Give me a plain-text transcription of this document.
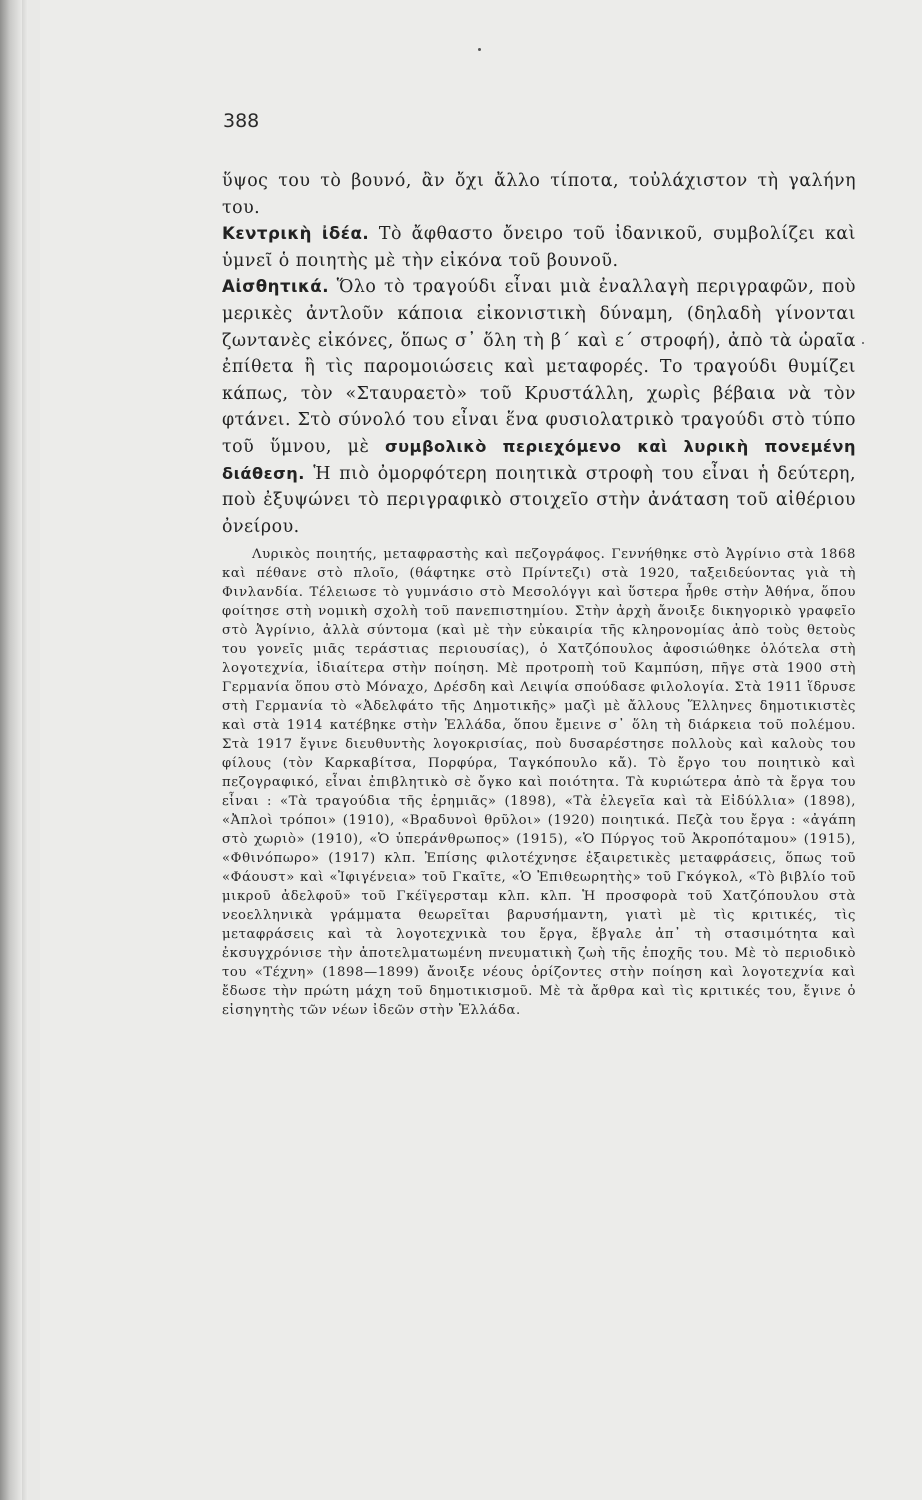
388

ὕψος του τὸ βουνό, ἂν ὄχι ἄλλο τίποτα, τοὐλάχιστον τὴ γαλήνη του.

Κεντρικὴ ἰδέα. Τὸ ἄφθαστο ὄνειρο τοῦ ἰδανικοῦ, συμβολίζει καὶ ὑμνεῖ ὁ ποιητὴς μὲ τὴν εἰκόνα τοῦ βουνοῦ.

Αἰσθητικά. Ὅλο τὸ τραγούδι εἶναι μιὰ ἐναλλαγὴ περιγραφῶν, ποὺ μερικὲς ἀντλοῦν κάποια εἰκονιστικὴ δύναμη, (δηλαδὴ γίνονται ζωντανὲς εἰκόνες, ὅπως σ᾽ ὅλη τὴ β´ καὶ ε´ στροφή), ἀπὸ τὰ ὡραῖα ἐπίθετα ἢ τὶς παρομοιώσεις καὶ μεταφορές. Το τραγούδι θυμίζει κάπως, τὸν «Σταυραετὸ» τοῦ Κρυστάλλη, χωρὶς βέβαια νὰ τὸν φτάνει. Στὸ σύνολό του εἶναι ἕνα φυσιολατρικὸ τραγούδι στὸ τύπο τοῦ ὕμνου, μὲ συμβολικὸ περιεχόμενο καὶ λυρικὴ πονεμένη διάθεση. Ἡ πιὸ ὀμορφότερη ποιητικὰ στροφὴ του εἶναι ἡ δεύτερη, ποὺ ἐξυψώνει τὸ περιγραφικὸ στοιχεῖο στὴν ἀνάταση τοῦ αἰθέριου ὀνείρου.

Λυρικὸς ποιητής, μεταφραστὴς καὶ πεζογράφος. Γεννήθηκε στὸ Ἀγρίνιο στὰ 1868 καὶ πέθανε στὸ πλοῖο, (θάφτηκε στὸ Πρίντεζι) στὰ 1920, ταξειδεύοντας γιὰ τὴ Φινλανδία. Τέλειωσε τὸ γυμνάσιο στὸ Μεσολόγγι καὶ ὕστερα ἦρθε στὴν Ἀθήνα, ὅπου φοίτησε στὴ νομικὴ σχολὴ τοῦ πανεπιστημίου. Στὴν ἀρχὴ ἄνοιξε δικηγορικὸ γραφεῖο στὸ Ἀγρίνιο, ἀλλὰ σύντομα (καὶ μὲ τὴν εὐκαιρία τῆς κληρονομίας ἀπὸ τοὺς θετοὺς του γονεῖς μιᾶς τεράστιας περιουσίας), ὁ Χατζόπουλος ἀφοσιώθηκε ὁλότελα στὴ λογοτεχνία, ἰδιαίτερα στὴν ποίηση. Μὲ προτροπὴ τοῦ Καμπύση, πῆγε στὰ 1900 στὴ Γερμανία ὅπου στὸ Μόναχο, Δρέσδη καὶ Λειψία σπούδασε φιλολογία. Στὰ 1911 ἵδρυσε στὴ Γερμανία τὸ «Ἀδελφάτο τῆς Δημοτικῆς» μαζὶ μὲ ἄλλους Ἕλληνες δημοτικιστὲς καὶ στὰ 1914 κατέβηκε στὴν Ἑλλάδα, ὅπου ἔμεινε σ᾽ ὅλη τὴ διάρκεια τοῦ πολέμου. Στὰ 1917 ἔγινε διευθυντὴς λογοκρισίας, ποὺ δυσαρέστησε πολλοὺς καὶ καλοὺς του φίλους (τὸν Καρκαβίτσα, Πορφύρα, Ταγκόπουλο κἄ). Τὸ ἔργο του ποιητικὸ καὶ πεζογραφικό, εἶναι ἐπιβλητικὸ σὲ ὄγκο καὶ ποιότητα. Τὰ κυριώτερα ἀπὸ τὰ ἔργα του εἶναι : «Τὰ τραγούδια τῆς ἐρημιᾶς» (1898), «Τὰ ἐλεγεῖα καὶ τὰ Εἰδύλλια» (1898), «Ἀπλοὶ τρόποι» (1910), «Βραδυνοὶ θρῦλοι» (1920) ποιητικά. Πεζὰ του ἔργα : «ἀγάπη στὸ χωριὸ» (1910), «Ὁ ὑπεράνθρωπος» (1915), «Ὁ Πύργος τοῦ Ἀκροπόταμου» (1915), «Φθινόπωρο» (1917) κλπ. Ἐπίσης φιλοτέχνησε ἐξαιρετικὲς μεταφράσεις, ὅπως τοῦ «Φάουστ» καὶ «Ἰφιγένεια» τοῦ Γκαῖτε, «Ὁ Ἐπιθεωρητὴς» τοῦ Γκόγκολ, «Τὸ βιβλίο τοῦ μικροῦ ἀδελφοῦ» τοῦ Γκέϊγερσταμ κλπ. κλπ. Ἡ προσφορὰ τοῦ Χατζόπουλου στὰ νεοελληνικὰ γράμματα θεωρεῖται βαρυσήμαντη, γιατὶ μὲ τὶς κριτικές, τὶς μεταφράσεις καὶ τὰ λογοτεχνικὰ του ἔργα, ἔβγαλε ἀπ᾽ τὴ στασιμότητα καὶ ἐκσυγχρόνισε τὴν ἀποτελματωμένη πνευματικὴ ζωὴ τῆς ἐποχῆς του. Μὲ τὸ περιοδικὸ του «Τέχνη» (1898—1899) ἄνοιξε νέους ὁρίζοντες στὴν ποίηση καὶ λογοτεχνία καὶ ἔδωσε τὴν πρώτη μάχη τοῦ δημοτικισμοῦ. Μὲ τὰ ἄρθρα καὶ τὶς κριτικές του, ἔγινε ὁ εἰσηγητὴς τῶν νέων ἰδεῶν στὴν Ἑλλάδα.
